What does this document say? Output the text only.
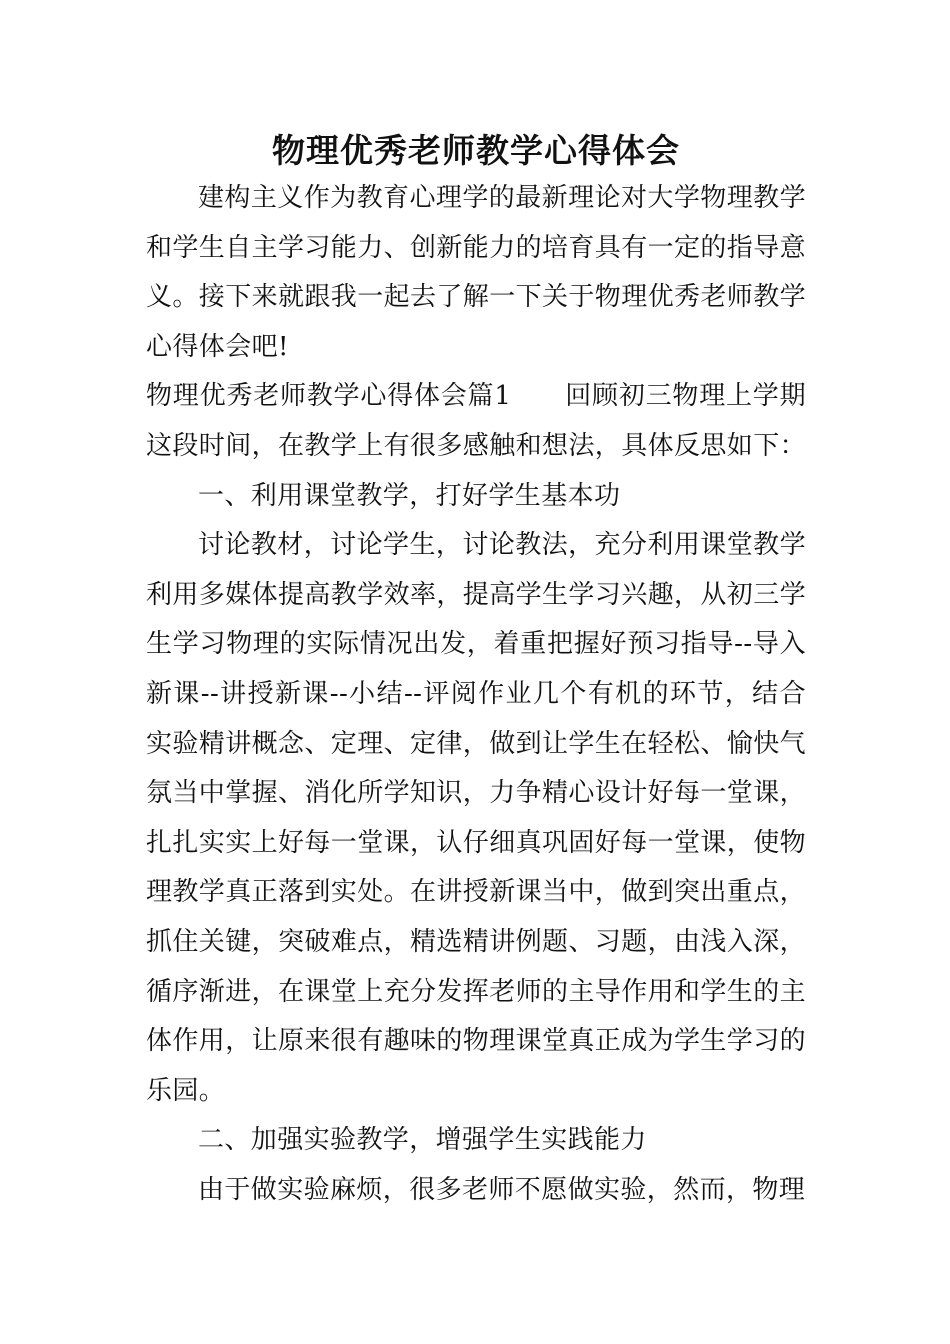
物理优秀老师教学心得体会

建构主义作为教育心理学的最新理论对大学物理教学和学生自主学习能力、创新能力的培育具有一定的指导意义。接下来就跟我一起去了解一下关于物理优秀老师教学心得体会吧!

物理优秀老师教学心得体会篇1　　回顾初三物理上学期这段时间，在教学上有很多感触和想法，具体反思如下：

一、利用课堂教学，打好学生基本功

讨论教材，讨论学生，讨论教法，充分利用课堂教学利用多媒体提高教学效率，提高学生学习兴趣，从初三学生学习物理的实际情况出发，着重把握好预习指导--导入新课--讲授新课--小结--评阅作业几个有机的环节，结合实验精讲概念、定理、定律，做到让学生在轻松、愉快气氛当中掌握、消化所学知识，力争精心设计好每一堂课，扎扎实实上好每一堂课，认仔细真巩固好每一堂课，使物理教学真正落到实处。在讲授新课当中，做到突出重点，抓住关键，突破难点，精选精讲例题、习题，由浅入深，循序渐进，在课堂上充分发挥老师的主导作用和学生的主体作用，让原来很有趣味的物理课堂真正成为学生学习的乐园。

二、加强实验教学，增强学生实践能力

由于做实验麻烦，很多老师不愿做实验，然而，物理
